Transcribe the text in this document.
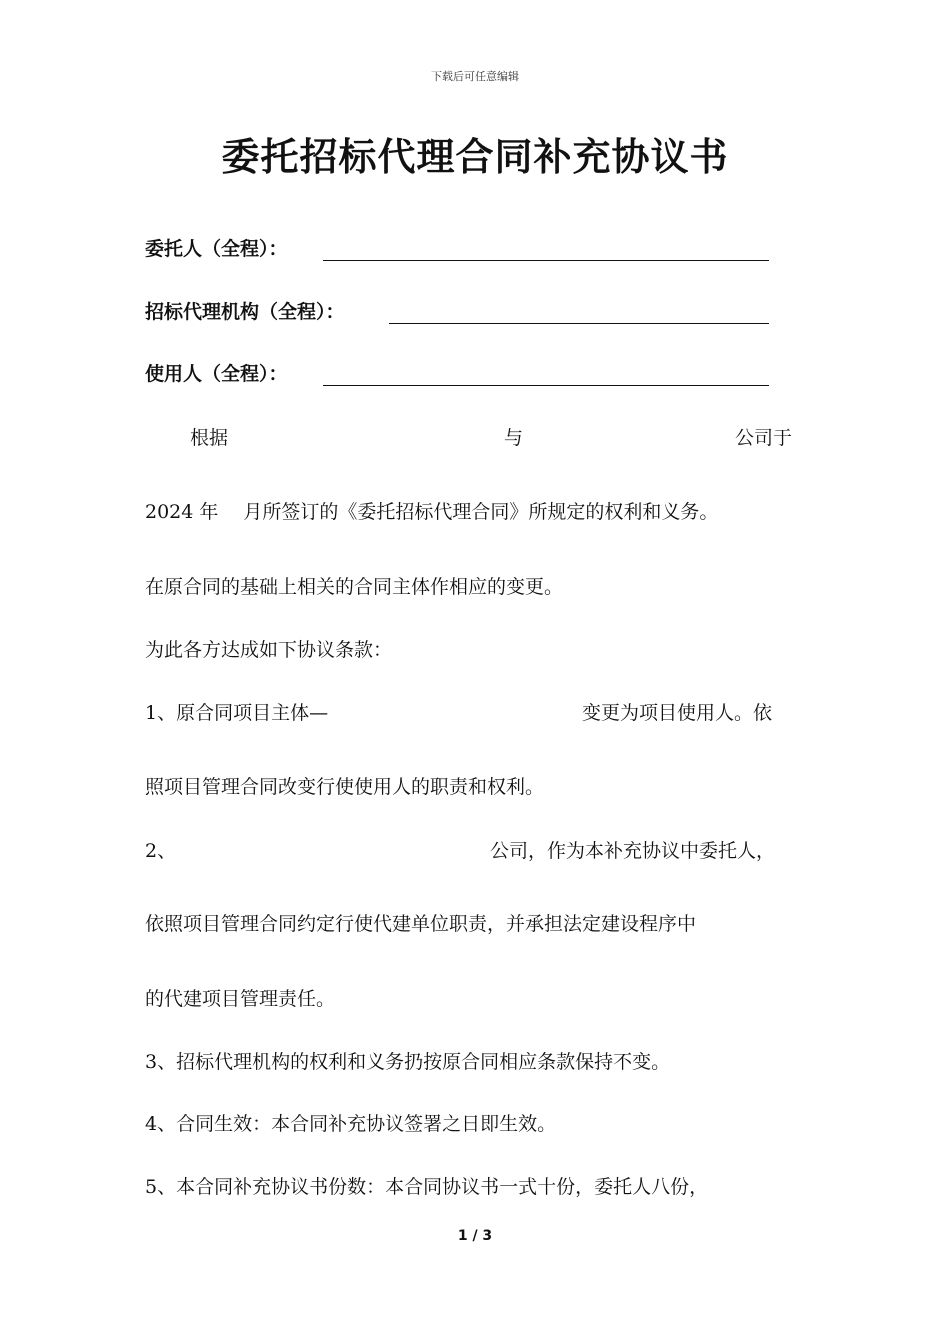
下载后可任意编辑
委托招标代理合同补充协议书
委托人（全程）：
招标代理机构（全程）：
使用人（全程）：
根据	与	公司于
2024 年　 月所签订的《委托招标代理合同》所规定的权利和义务。
在原合同的基础上相关的合同主体作相应的变更。
为此各方达成如下协议条款：
1、原合同项目主体—	变更为项目使用人。依
照项目管理合同改变行使使用人的职责和权利。
2、	公司，作为本补充协议中委托人，
依照项目管理合同约定行使代建单位职责，并承担法定建设程序中
的代建项目管理责任。
3、招标代理机构的权利和义务扔按原合同相应条款保持不变。
4、合同生效：本合同补充协议签署之日即生效。
5、本合同补充协议书份数：本合同协议书一式十份，委托人八份，
1 / 3
